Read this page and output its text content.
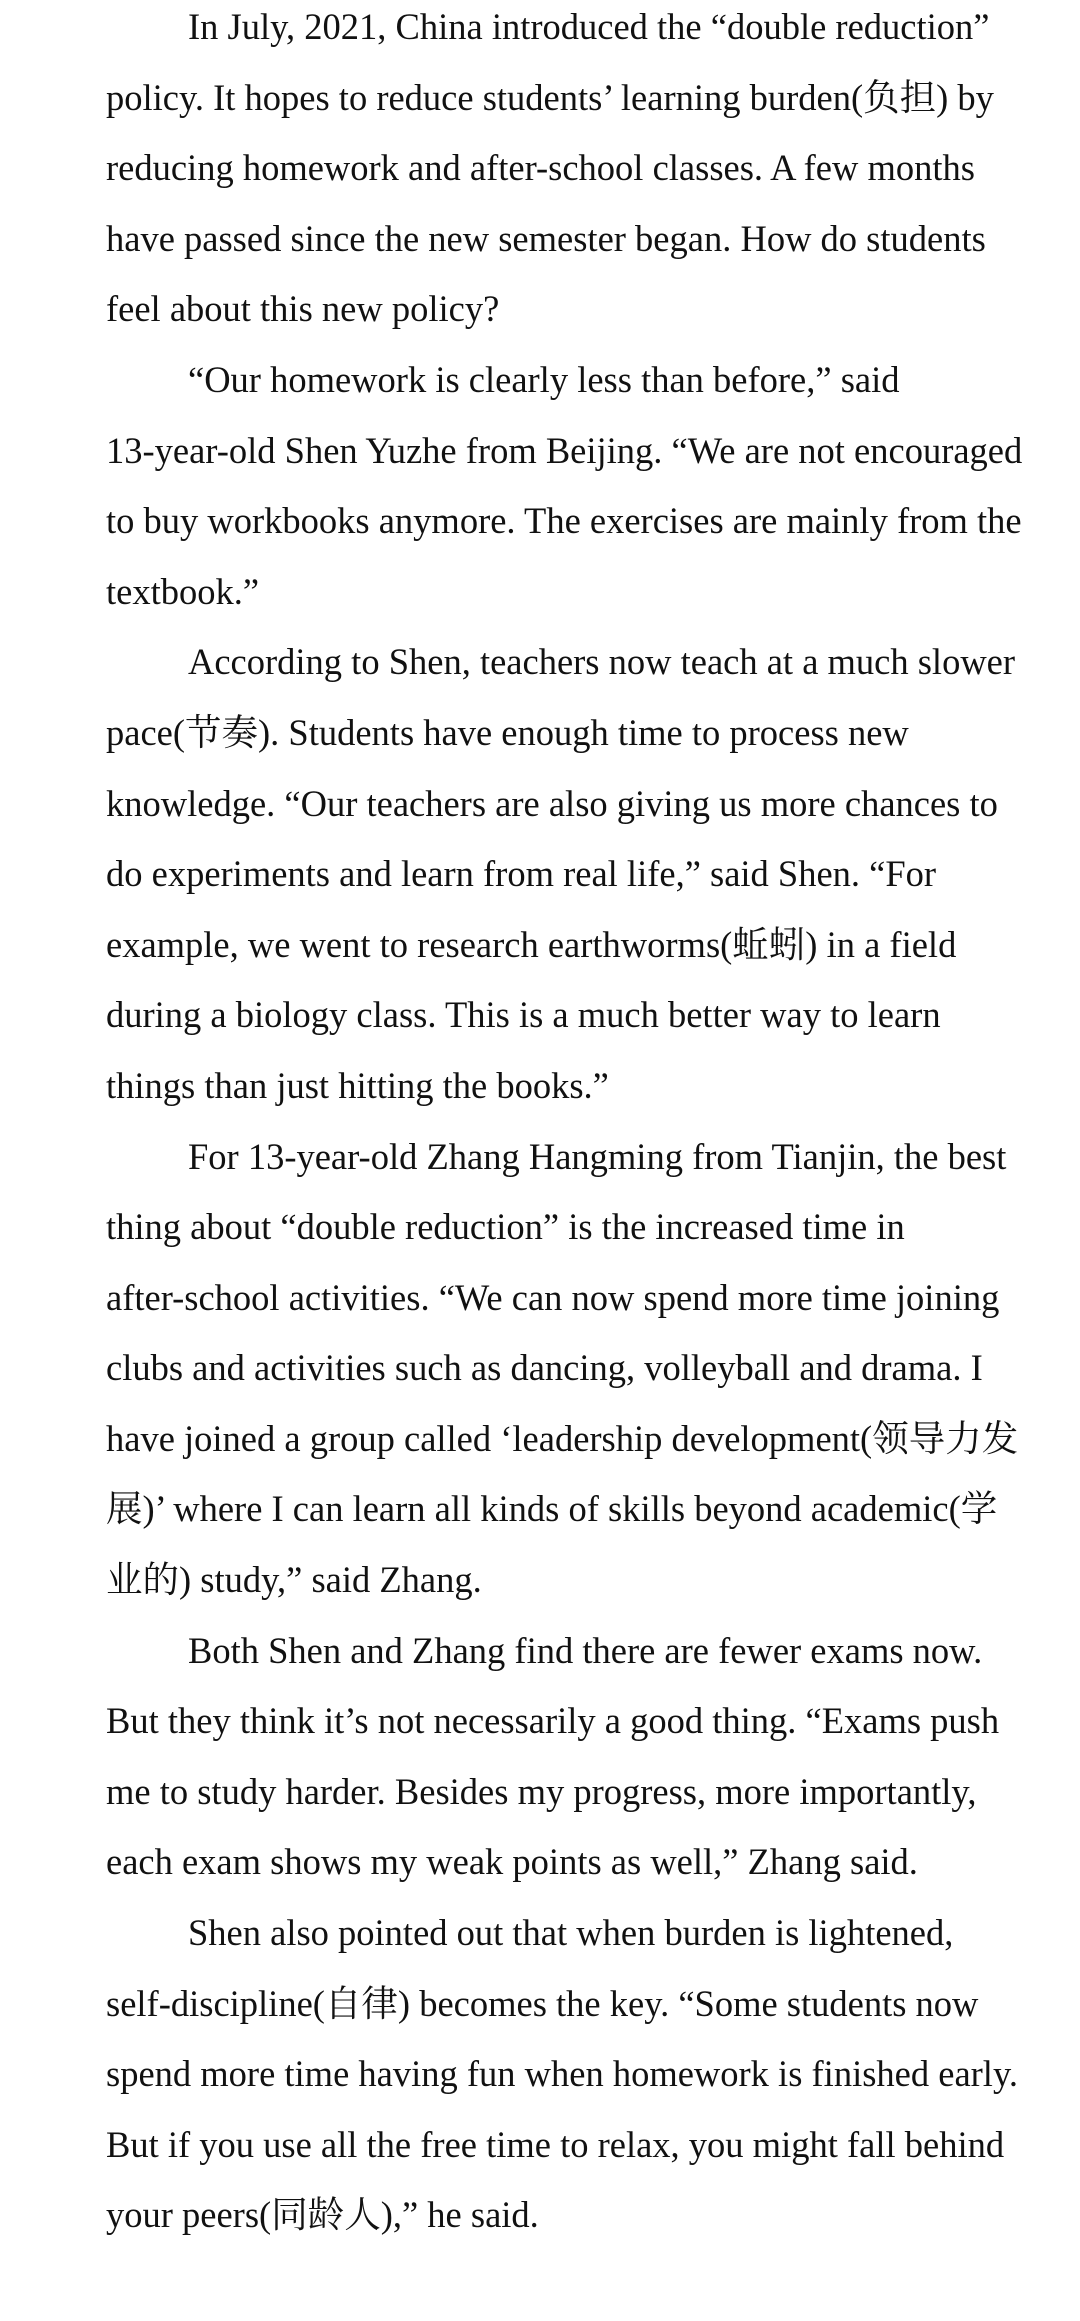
In July, 2021, China introduced the “double reduction”
policy. It hopes to reduce students’ learning burden(负担) by
reducing homework and after-school classes. A few months
have passed since the new semester began. How do students
feel about this new policy?
“Our homework is clearly less than before,” said
13-year-old Shen Yuzhe from Beijing. “We are not encouraged
to buy workbooks anymore. The exercises are mainly from the
textbook.”
According to Shen, teachers now teach at a much slower
pace(节奏). Students have enough time to process new
knowledge. “Our teachers are also giving us more chances to
do experiments and learn from real life,” said Shen. “For
example, we went to research earthworms(蚯蚓) in a field
during a biology class. This is a much better way to learn
things than just hitting the books.”
For 13-year-old Zhang Hangming from Tianjin, the best
thing about “double reduction” is the increased time in
after-school activities. “We can now spend more time joining
clubs and activities such as dancing, volleyball and drama. I
have joined a group called ‘leadership development(领导力发
展)’ where I can learn all kinds of skills beyond academic(学
业的) study,” said Zhang.
Both Shen and Zhang find there are fewer exams now.
But they think it’s not necessarily a good thing. “Exams push
me to study harder. Besides my progress, more importantly,
each exam shows my weak points as well,” Zhang said.
Shen also pointed out that when burden is lightened,
self-discipline(自律) becomes the key. “Some students now
spend more time having fun when homework is finished early.
But if you use all the free time to relax, you might fall behind
your peers(同龄人),” he said.
